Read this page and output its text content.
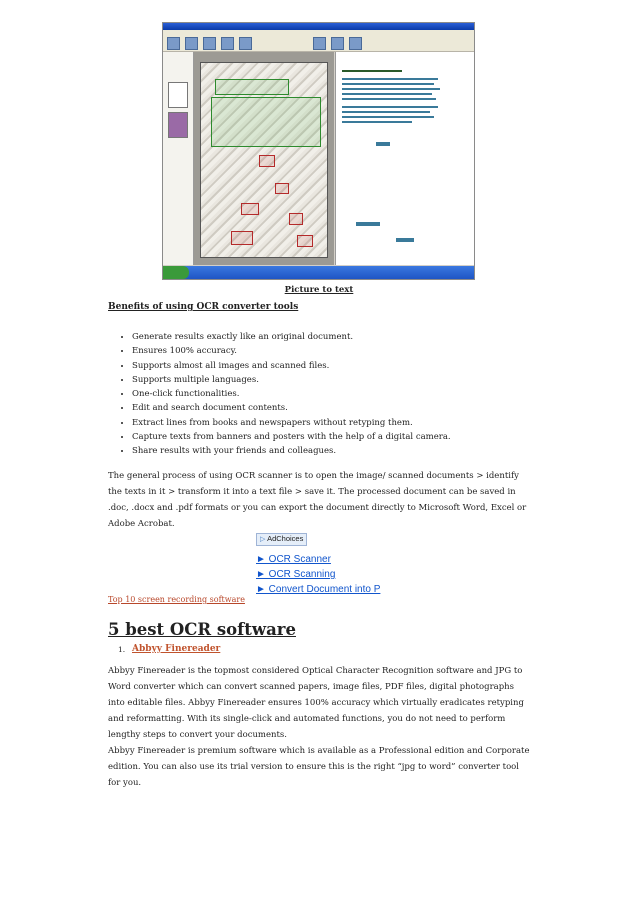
Picture to text
Benefits of using OCR converter tools
• Generate results exactly like an original document.
• Ensures 100% accuracy.
• Supports almost all images and scanned files.
• Supports multiple languages.
• One-click functionalities.
• Edit and search document contents.
• Extract lines from books and newspapers without retyping them.
• Capture texts from banners and posters with the help of a digital camera.
• Share results with your friends and colleagues.

The general process of using OCR scanner is to open the image/ scanned documents > identify the texts in it > transform it into a text file > save it. The processed document can be saved in .doc, .docx and .pdf formats or you can export the document directly to Microsoft Word, Excel or Adobe Acrobat.

▷ AdChoices
► OCR Scanner
► OCR Scanning
► Convert Document into P
Top 10 screen recording software
5 best OCR software
1. Abbyy Finereader

Abbyy Finereader is the topmost considered Optical Character Recognition software and JPG to Word converter which can convert scanned papers, image files, PDF files, digital photographs into editable files. Abbyy Finereader ensures 100% accuracy which virtually eradicates retyping and reformatting. With its single-click and automated functions, you do not need to perform lengthy steps to convert your documents.

Abbyy Finereader is premium software which is available as a Professional edition and Corporate edition. You can also use its trial version to ensure this is the right “jpg to word” converter tool for you.
